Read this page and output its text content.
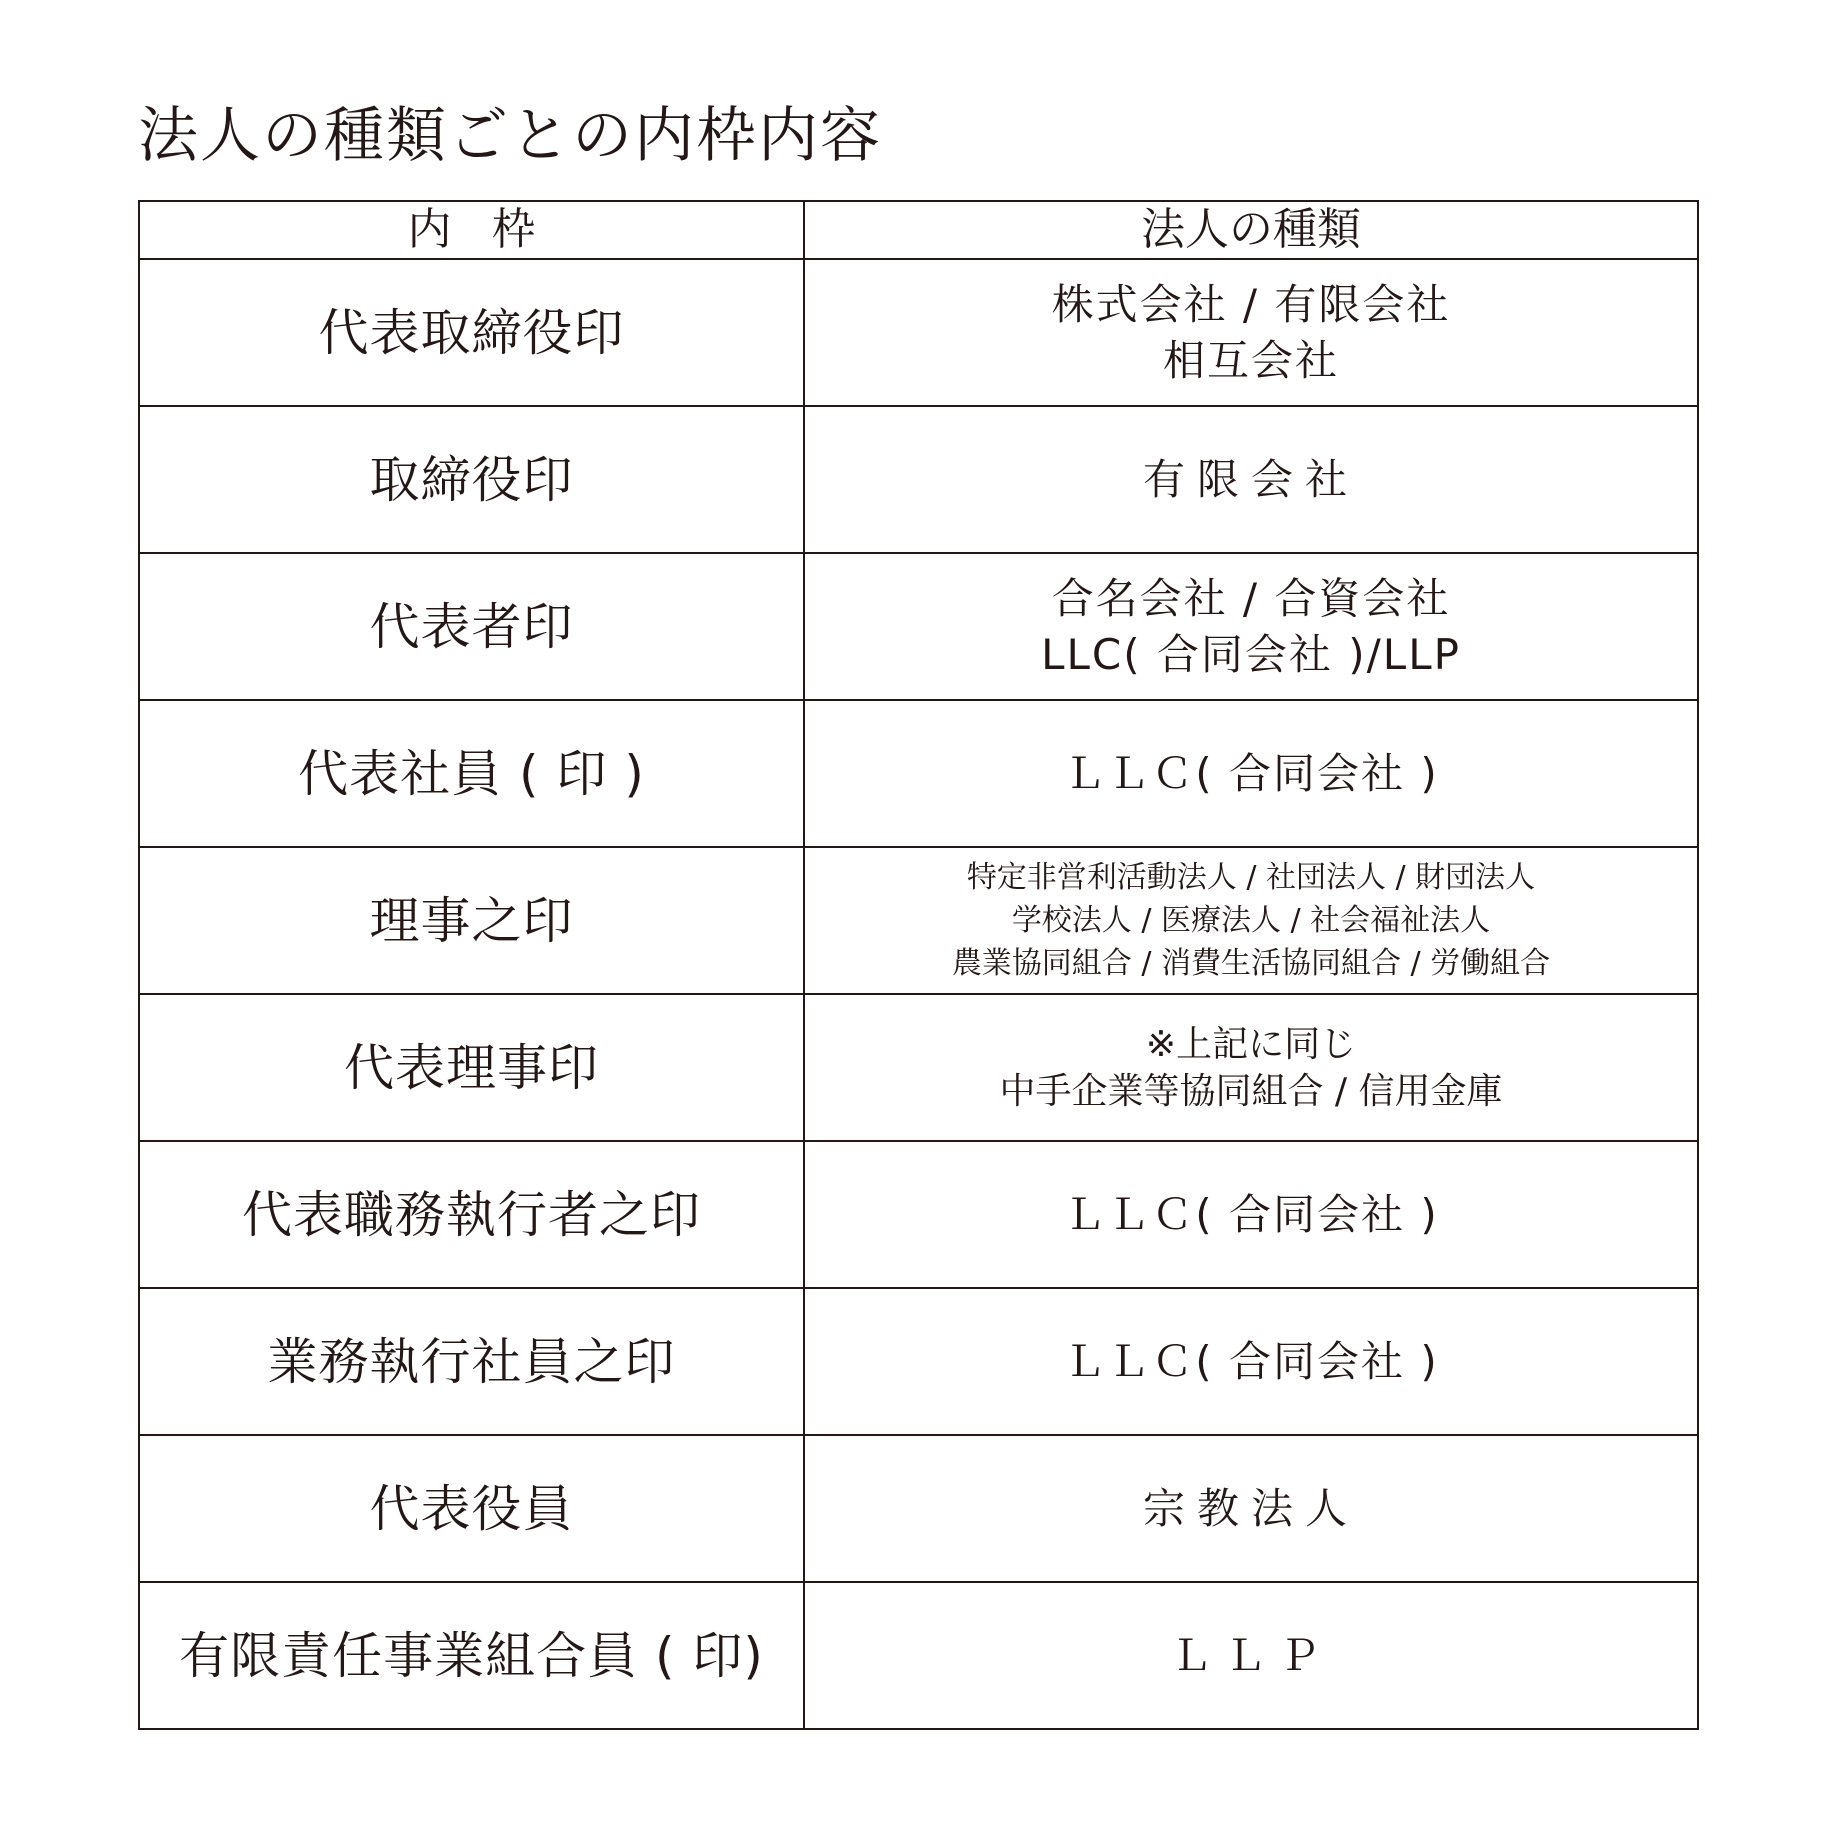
法人の種類ごとの内枠内容
内枠	法人の種類
代表取締役印	株式会社 / 有限会社
相互会社

取締役印	有限会社

代表者印	合名会社 / 合資会社
LLC( 合同会社 )/LLP

代表社員 ( 印 )	ＬＬＣ( 合同会社 )

理事之印	特定非営利活動法人 / 社団法人 / 財団法人
学校法人 / 医療法人 / 社会福祉法人
農業協同組合 / 消費生活協同組合 / 労働組合

代表理事印	※上記に同じ
中手企業等協同組合 / 信用金庫

代表職務執行者之印	ＬＬＣ( 合同会社 )

業務執行社員之印	ＬＬＣ( 合同会社 )

代表役員	宗教法人

有限責任事業組合員 ( 印)	ＬＬＰ
